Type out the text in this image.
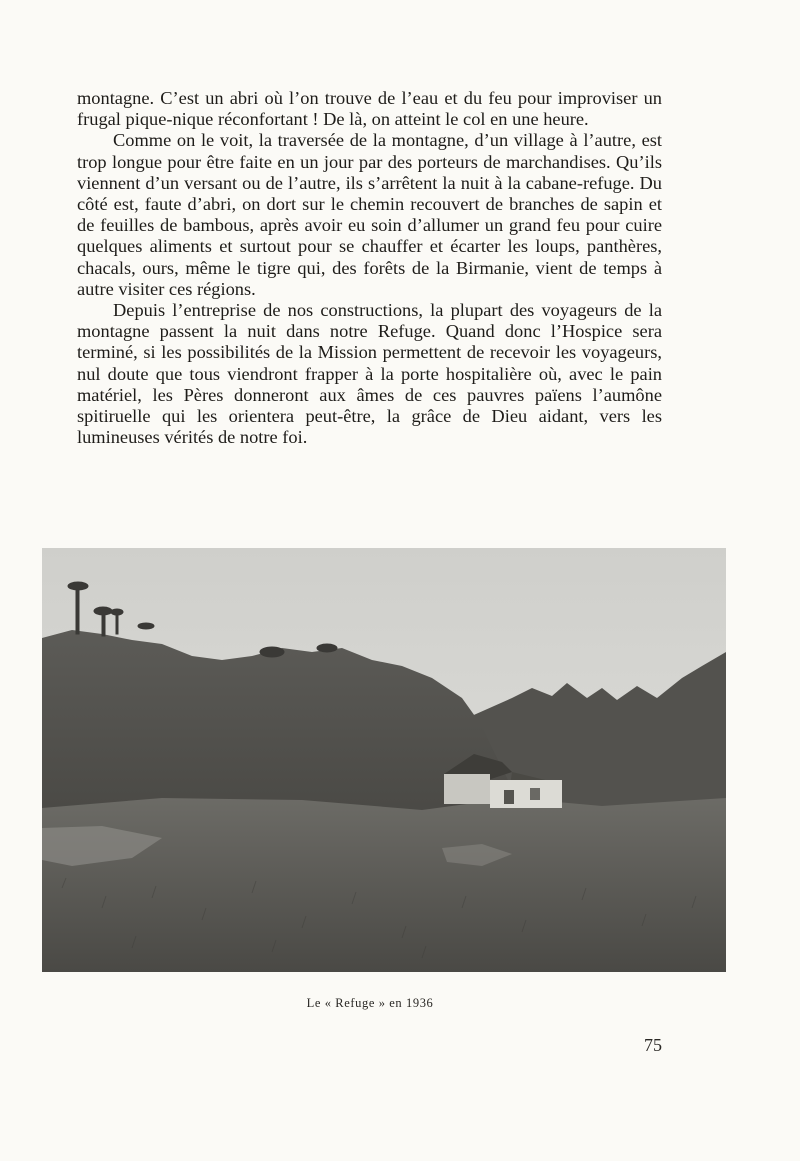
montagne. C’est un abri où l’on trouve de l’eau et du feu pour improviser un frugal pique-nique réconfortant ! De là, on atteint le col en une heure.

Comme on le voit, la traversée de la montagne, d’un village à l’autre, est trop longue pour être faite en un jour par des porteurs de marchandises. Qu’ils viennent d’un versant ou de l’autre, ils s’arrêtent la nuit à la cabane-refuge. Du côté est, faute d’abri, on dort sur le chemin recouvert de branches de sapin et de feuilles de bambous, après avoir eu soin d’allumer un grand feu pour cuire quelques aliments et surtout pour se chauffer et écarter les loups, panthères, chacals, ours, même le tigre qui, des forêts de la Birmanie, vient de temps à autre visiter ces régions.

Depuis l’entreprise de nos constructions, la plupart des voyageurs de la montagne passent la nuit dans notre Refuge. Quand donc l’Hospice sera terminé, si les possibilités de la Mission permettent de recevoir les voyageurs, nul doute que tous viendront frapper à la porte hospitalière où, avec le pain matériel, les Pères donneront aux âmes de ces pauvres païens l’aumône spitiruelle qui les orientera peut-être, la grâce de Dieu aidant, vers les lumineuses vérités de notre foi.

Le « Refuge » en 1936
75
